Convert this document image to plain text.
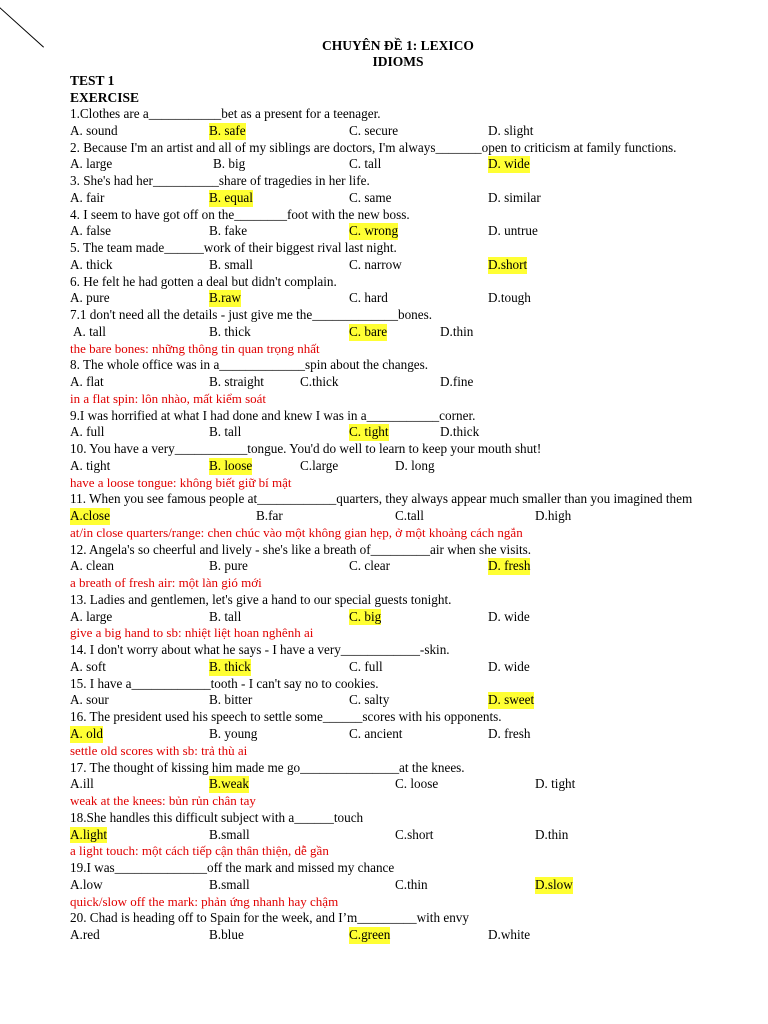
CHUYÊN ĐỀ 1: LEXICO
IDIOMS
TEST 1
EXERCISE
1.Clothes are a___________bet as a present for a teenager.
A. sound	B. safe	C. secure	D. slight
2. Because I'm an artist and all of my siblings are doctors, I'm always_______open to criticism at family functions.
A. large	B. big	C. tall	D. wide
3. She's had her__________share of tragedies in her life.
A. fair	B. equal	C. same	D. similar
4. I seem to have got off on the________foot with the new boss.
A. false	B. fake	C. wrong	D. untrue
5. The team made______work of their biggest rival last night.
A. thick	B. small	C. narrow	D.short
6. He felt he had gotten a deal but didn't complain.
A. pure	B.raw	C. hard	D.tough
7.1 don't need all the details - just give me the_____________bones.
A. tall	B. thick	C. bare	D.thin
the bare bones: những thông tin quan trọng nhất
8. The whole office was in a_____________spin about the changes.
A. flat	B. straight	C.thick	D.fine
in a flat spin: lôn nhào, mất kiểm soát
9.I was horrified at what I had done and knew I was in a___________corner.
A. full	B. tall	C. tight	D.thick
10. You have a very___________tongue. You'd do well to learn to keep your mouth shut!
A. tight	B. loose	C.large	D. long
have a loose tongue: không biết giữ bí mật
11. When you see famous people at____________quarters, they always appear much smaller than you imagined them
A.close	B.far	C.tall	D.high
at/in close quarters/range: chen chúc vào một không gian hẹp, ở một khoảng cách ngắn
12. Angela's so cheerful and lively - she's like a breath of_________air when she visits.
A. clean	B. pure	C. clear	D. fresh
a breath of fresh air: một làn gió mới
13. Ladies and gentlemen, let's give a hand to our special guests tonight.
A. large	B. tall	C. big	D. wide
give a big hand to sb: nhiệt liệt hoan nghênh ai
14. I don't worry about what he says - I have a very____________-skin.
A. soft	B. thick	C. full	D. wide
15. I have a____________tooth - I can't say no to cookies.
A. sour	B. bitter	C. salty	D. sweet
16. The president used his speech to settle some______scores with his opponents.
A. old	B. young	C. ancient	D. fresh
settle old scores with sb: trả thù ai
17. The thought of kissing him made me go_______________at the knees.
A.ill	B.weak	C. loose	D. tight
weak at the knees: bủn rủn chân tay
18.She handles this difficult subject with a______touch
A.light	B.small	C.short	D.thin
a light touch: một cách tiếp cận thân thiện, dễ gần
19.I was______________off the mark and missed my chance
A.low	B.small	C.thin	D.slow
quick/slow off the mark: phản ứng nhanh hay chậm
20. Chad is heading off to Spain for the week, and I’m_________with envy
A.red	B.blue	C.green	D.white
